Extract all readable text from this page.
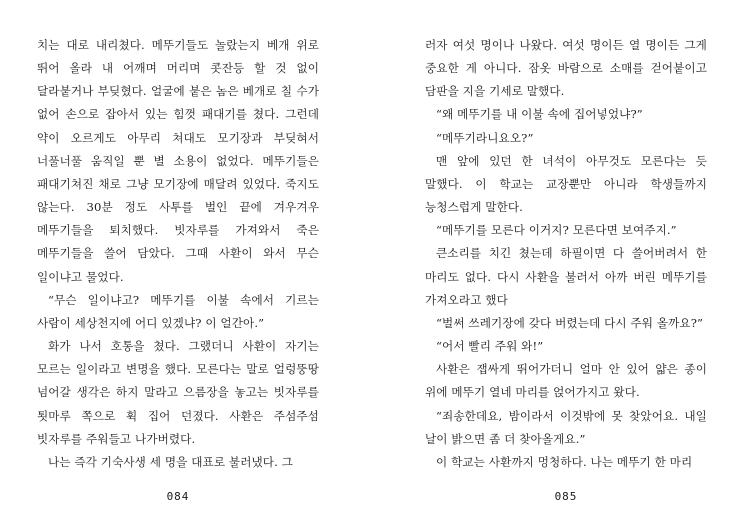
치는 대로 내리쳤다. 메뚜기들도 놀랐는지 베개 위로 뛰어 올라 내 어깨며 머리며 콧잔등 할 것 없이 달라붙거나 부딪혔다. 얼굴에 붙은 놈은 베개로 칠 수가 없어 손으로 잡아서 있는 힘껏 패대기를 쳤다. 그런데 약이 오르게도 아무리 쳐대도 모기장과 부딪혀서 너풀너풀 움직일 뿐 별 소용이 없었다. 메뚜기들은 패대기쳐진 채로 그냥 모기장에 매달려 있었다. 죽지도 않는다. 30분 정도 사투를 벌인 끝에 겨우겨우 메뚜기들을 퇴치했다. 빗자루를 가져와서 죽은 메뚜기들을 쓸어 담았다. 그때 사환이 와서 무슨 일이냐고 물었다.

“무슨 일이냐고? 메뚜기를 이불 속에서 기르는 사람이 세상천지에 어디 있겠냐? 이 얼간아.”

화가 나서 호통을 쳤다. 그랬더니 사환이 자기는 모르는 일이라고 변명을 했다. 모른다는 말로 얼렁뚱땅 넘어갈 생각은 하지 말라고 으름장을 놓고는 빗자루를 툇마루 쪽으로 휙 집어 던졌다. 사환은 주섬주섬 빗자루를 주워들고 나가버렸다.

나는 즉각 기숙사생 세 명을 대표로 불러냈다. 그

084

러자 여섯 명이나 나왔다. 여섯 명이든 열 명이든 그게 중요한 게 아니다. 잠옷 바람으로 소매를 걷어붙이고 담판을 지을 기세로 말했다.

“왜 메뚜기를 내 이불 속에 집어넣었냐?”

“메뚜기라니요오?”

맨 앞에 있던 한 녀석이 아무것도 모른다는 듯 말했다. 이 학교는 교장뿐만 아니라 학생들까지 능청스럽게 말한다.

“메뚜기를 모른다 이거지? 모른다면 보여주지.”

큰소리를 치긴 쳤는데 하필이면 다 쓸어버려서 한 마리도 없다. 다시 사환을 불러서 아까 버린 메뚜기를 가져오라고 했다

“벌써 쓰레기장에 갖다 버렸는데 다시 주워 올까요?”

“어서 빨리 주워 와!”

사환은 잽싸게 뛰어가더니 얼마 안 있어 얇은 종이 위에 메뚜기 열네 마리를 얹어가지고 왔다.

“죄송한데요, 밤이라서 이것밖에 못 찾았어요. 내일 날이 밝으면 좀 더 찾아올게요.”

이 학교는 사환까지 멍청하다. 나는 메뚜기 한 마리

085
